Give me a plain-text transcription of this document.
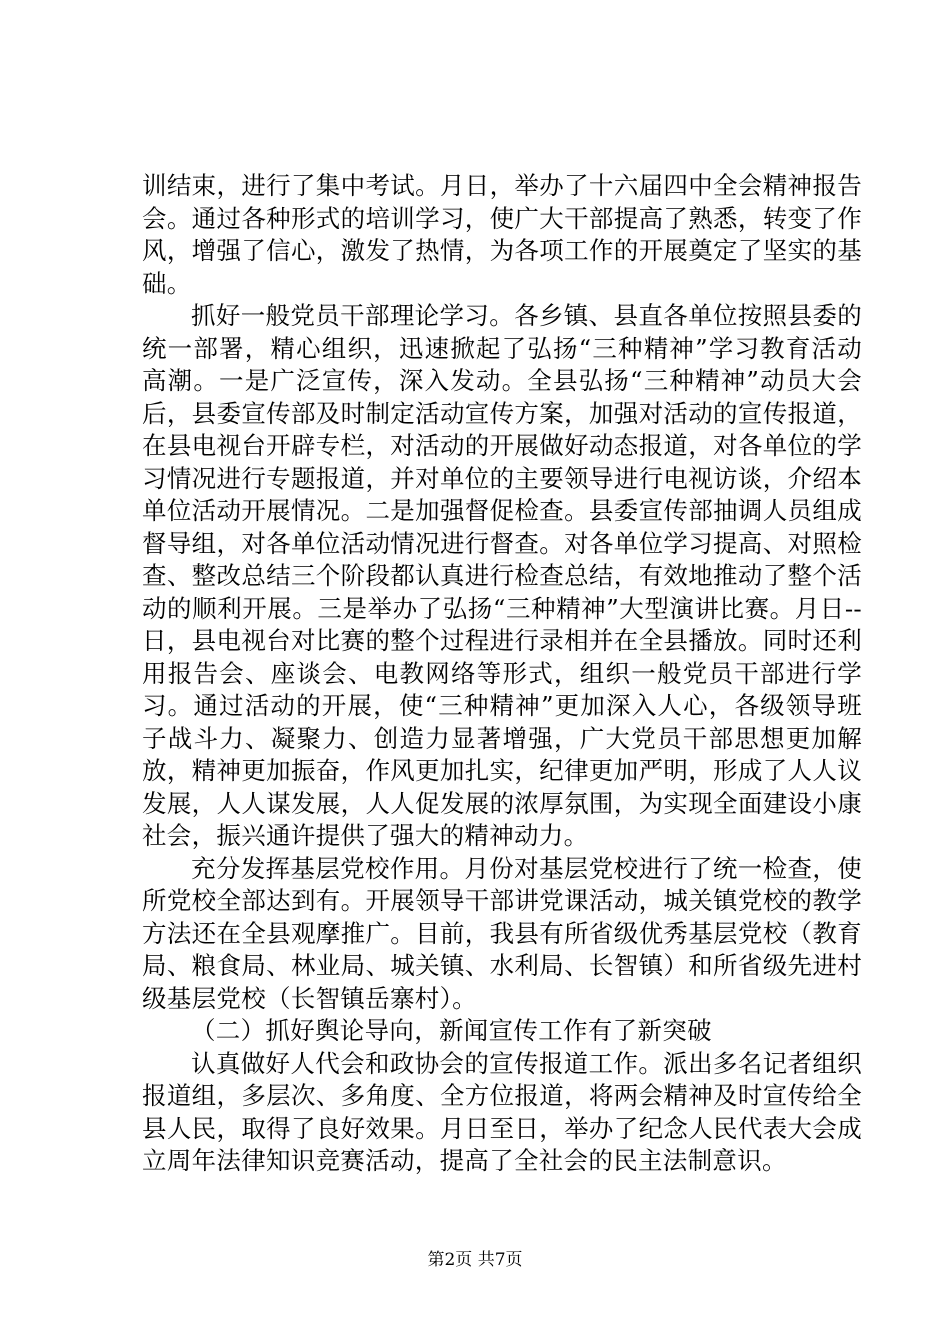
训结束，进行了集中考试。月日，举办了十六届四中全会精神报告会。通过各种形式的培训学习，使广大干部提高了熟悉，转变了作风，增强了信心，激发了热情，为各项工作的开展奠定了坚实的基础。

抓好一般党员干部理论学习。各乡镇、县直各单位按照县委的统一部署，精心组织，迅速掀起了弘扬“三种精神”学习教育活动高潮。一是广泛宣传，深入发动。全县弘扬“三种精神”动员大会后，县委宣传部及时制定活动宣传方案，加强对活动的宣传报道，在县电视台开辟专栏，对活动的开展做好动态报道，对各单位的学习情况进行专题报道，并对单位的主要领导进行电视访谈，介绍本单位活动开展情况。二是加强督促检查。县委宣传部抽调人员组成督导组，对各单位活动情况进行督查。对各单位学习提高、对照检查、整改总结三个阶段都认真进行检查总结，有效地推动了整个活动的顺利开展。三是举办了弘扬“三种精神”大型演讲比赛。月日--日，县电视台对比赛的整个过程进行录相并在全县播放。同时还利用报告会、座谈会、电教网络等形式，组织一般党员干部进行学习。通过活动的开展，使“三种精神”更加深入人心，各级领导班子战斗力、凝聚力、创造力显著增强，广大党员干部思想更加解放，精神更加振奋，作风更加扎实，纪律更加严明，形成了人人议发展，人人谋发展，人人促发展的浓厚氛围，为实现全面建设小康社会，振兴通许提供了强大的精神动力。

充分发挥基层党校作用。月份对基层党校进行了统一检查，使所党校全部达到有。开展领导干部讲党课活动，城关镇党校的教学方法还在全县观摩推广。目前，我县有所省级优秀基层党校（教育局、粮食局、林业局、城关镇、水利局、长智镇）和所省级先进村级基层党校（长智镇岳寨村）。

（二）抓好舆论导向，新闻宣传工作有了新突破

认真做好人代会和政协会的宣传报道工作。派出多名记者组织报道组，多层次、多角度、全方位报道，将两会精神及时宣传给全县人民，取得了良好效果。月日至日，举办了纪念人民代表大会成立周年法律知识竞赛活动，提高了全社会的民主法制意识。

第2页 共7页
